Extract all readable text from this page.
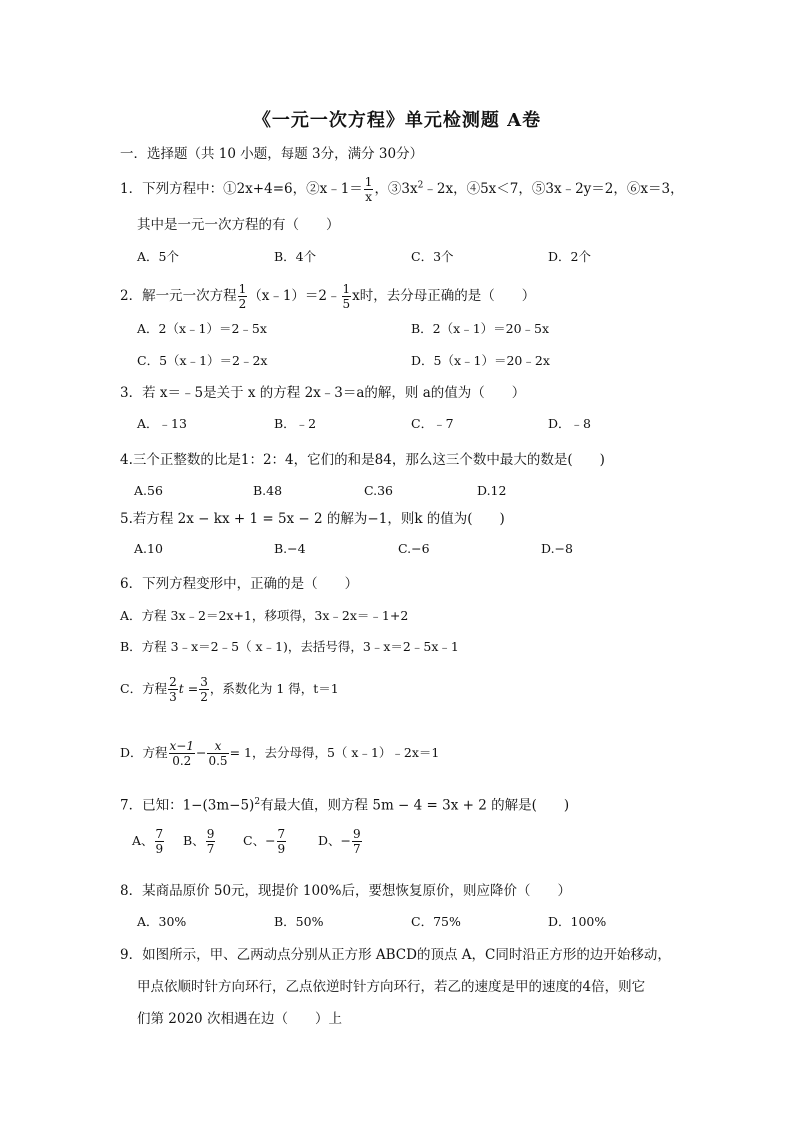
《一元一次方程》单元检测题 A卷
一．选择题（共 10 小题，每题 3分，满分 30分）
1．下列方程中：①2x+4=6，②x﹣1＝ $\frac{1}{x}$ ，$③3x^2﹣2x$，④5x＜7，⑤3x﹣2y＝2，⑥x＝3，
其中是一元一次方程的有（　　）
A．5个	B．4个	C．3个	D．2个
2．解一元一次方程 $\frac{1}{2}$ （x﹣1）＝2﹣ $\frac{1}{5}$ x时，去分母正确的是（　　）
A．2（x﹣1）＝2﹣5x	B．2（x﹣1）＝20﹣5x
C．5（x﹣1）＝2﹣2x	D．5（x﹣1）＝20﹣2x
3．若 x＝﹣5是关于 x 的方程 2x﹣3＝a的解，则 a的值为（　　）
A．﹣13	B．﹣2	C．﹣7	D．﹣8
4.三个正整数的比是1：2：4，它们的和是84，那么这三个数中最大的数是(　　)
A.56	B.48	C.36	D.12
5.若方程 2x − kx + 1 = 5x − 2 的解为−1，则k 的值为(　　)
A.10	B.−4	C.−6	D.−8
6．下列方程变形中，正确的是（　　）
A．方程 3x﹣2＝2x+1，移项得，3x﹣2x＝﹣1+2
B．方程 3﹣x＝2﹣5（ x﹣1)，去括号得，3﹣x＝2﹣5x﹣1
C．方程 $\frac{2}{3}$ $t = \frac{3}{2}$ ，系数化为 1 得，t＝1
D．方程 $\frac{x-1}{0.2} - \frac{x}{0.5} = 1$，去分母得，5（ x﹣1）﹣2x＝1
7．已知：$1-(3m-5)^2$有最大值，则方程 5m − 4 = 3x + 2 的解是(　　)
A、 $\frac{7}{9}$ B、 $\frac{9}{7}$ C、− $\frac{7}{9}$	D、− $\frac{9}{7}$
8．某商品原价 50元，现提价 100%后，要想恢复原价，则应降价（　　）
A．30%	B．50%	C．75%	D．100%
9．如图所示，甲、乙两动点分别从正方形 ABCD的顶点 A，C同时沿正方形的边开始移动，
甲点依顺时针方向环行，乙点依逆时针方向环行，若乙的速度是甲的速度的4倍，则它
们第 2020 次相遇在边（　　）上
